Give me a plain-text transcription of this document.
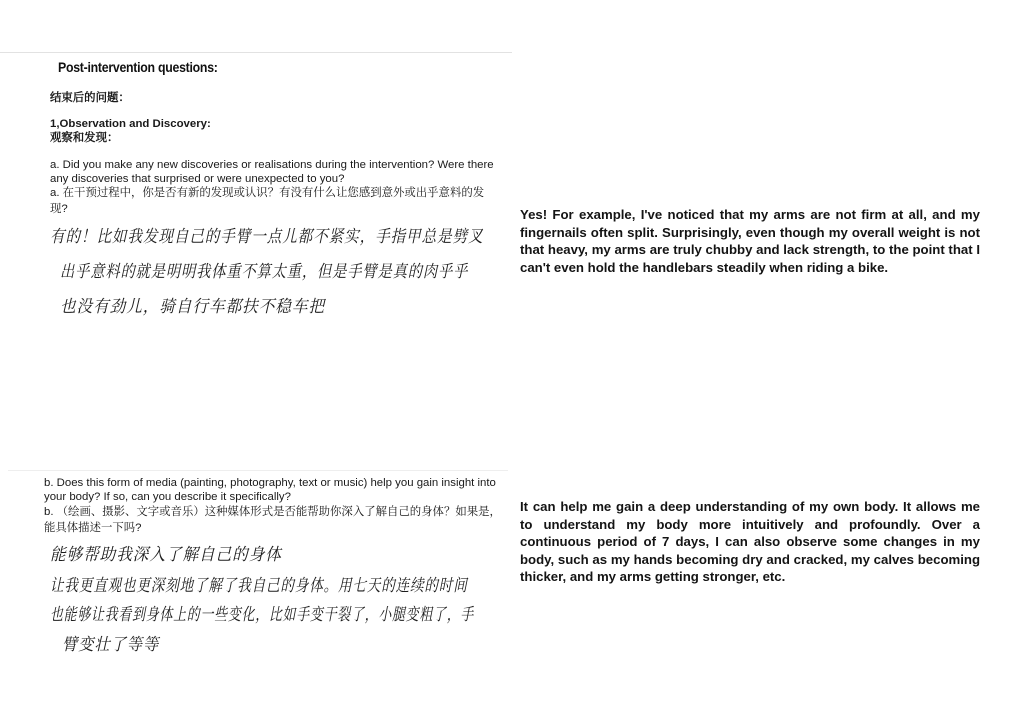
Post-intervention questions:
结束后的问题：
1,Observation and Discovery:
观察和发现：
a. Did you make any new discoveries or realisations during the intervention? Were there
any discoveries that surprised or were unexpected to you?
a. 在干预过程中，你是否有新的发现或认识？有没有什么让您感到意外或出乎意料的发
现?
有的！比如我发现自己的手臂一点儿都不紧实，手指甲总是劈叉
出乎意料的就是明明我体重不算太重，但是手臂是真的肉乎乎
也没有劲儿，骑自行车都扶不稳车把
Yes! For example, I've noticed that my arms are not firm at all, and my fingernails often split. Surprisingly, even though my overall weight is not that heavy, my arms are truly chubby and lack strength, to the point that I can't even hold the handlebars steadily when riding a bike.
b. Does this form of media (painting, photography, text or music) help you gain insight into
your body? If so, can you describe it specifically?
b. （绘画、摄影、文字或音乐）这种媒体形式是否能帮助你深入了解自己的身体？如果是，
能具体描述一下吗?
能够帮助我深入了解自己的身体
让我更直观也更深刻地了解了我自己的身体。用七天的连续的时间
也能够让我看到身体上的一些变化，比如手变干裂了，小腿变粗了，手
臂变壮了等等
It can help me gain a deep understanding of my own body. It allows me to understand my body more intuitively and profoundly. Over a continuous period of 7 days, I can also observe some changes in my body, such as my hands becoming dry and cracked, my calves becoming thicker, and my arms getting stronger, etc.
